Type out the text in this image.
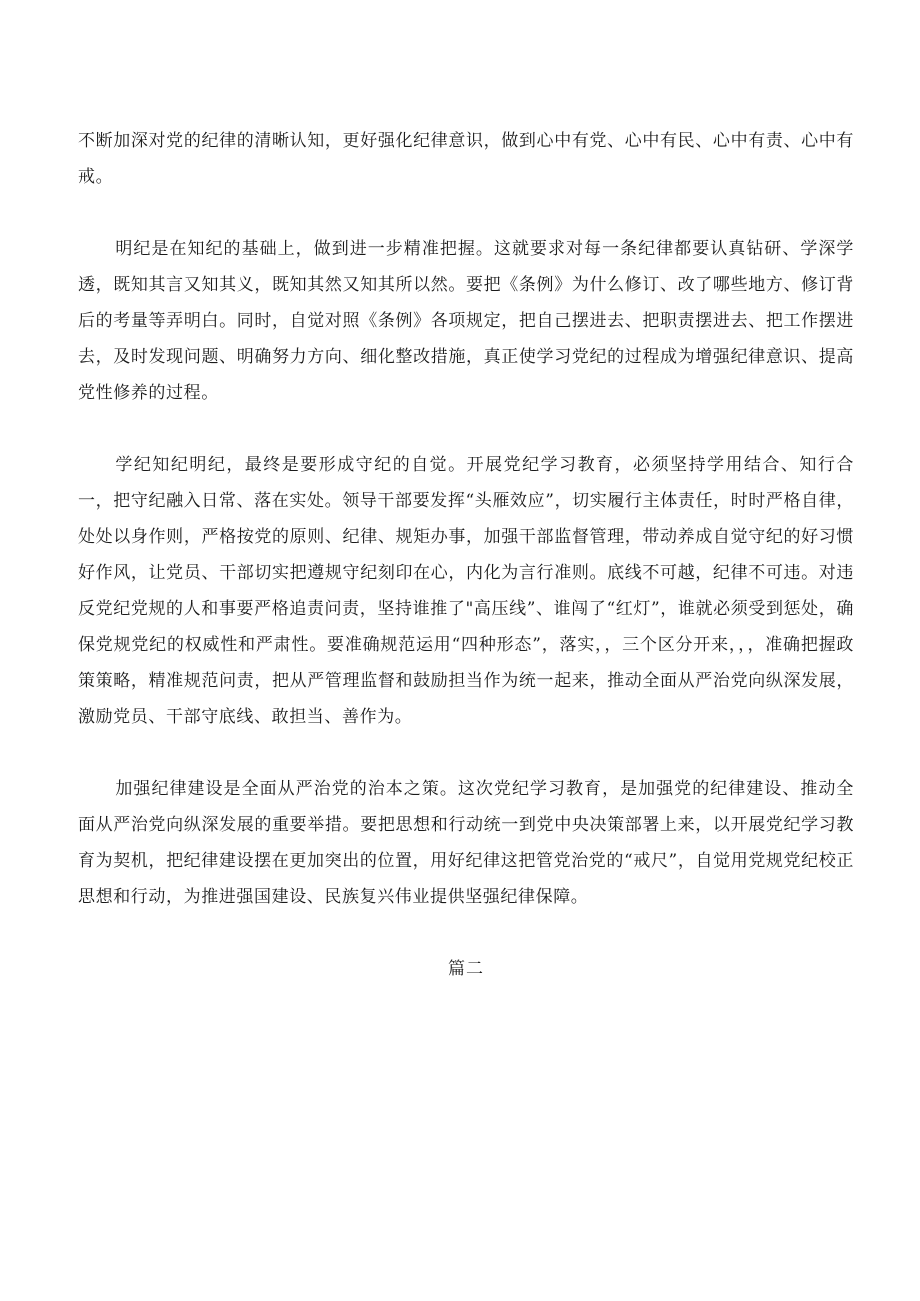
不断加深对党的纪律的清晰认知，更好强化纪律意识，做到心中有党、心中有民、心中有责、心中有戒。

明纪是在知纪的基础上，做到进一步精准把握。这就要求对每一条纪律都要认真钻研、学深学透，既知其言又知其义，既知其然又知其所以然。要把《条例》为什么修订、改了哪些地方、修订背后的考量等弄明白。同时，自觉对照《条例》各项规定，把自己摆进去、把职责摆进去、把工作摆进去，及时发现问题、明确努力方向、细化整改措施，真正使学习党纪的过程成为增强纪律意识、提高党性修养的过程。

学纪知纪明纪，最终是要形成守纪的自觉。开展党纪学习教育，必须坚持学用结合、知行合一，把守纪融入日常、落在实处。领导干部要发挥“头雁效应”，切实履行主体责任，时时严格自律，处处以身作则，严格按党的原则、纪律、规矩办事，加强干部监督管理，带动养成自觉守纪的好习惯好作风，让党员、干部切实把遵规守纪刻印在心，内化为言行准则。底线不可越，纪律不可违。对违反党纪党规的人和事要严格追责问责，坚持谁推了"高压线”、谁闯了“红灯”，谁就必须受到惩处，确保党规党纪的权威性和严肃性。要准确规范运用“四种形态”，落实，，三个区分开来，，，准确把握政策策略，精准规范问责，把从严管理监督和鼓励担当作为统一起来，推动全面从严治党向纵深发展，激励党员、干部守底线、敢担当、善作为。

加强纪律建设是全面从严治党的治本之策。这次党纪学习教育，是加强党的纪律建设、推动全面从严治党向纵深发展的重要举措。要把思想和行动统一到党中央决策部署上来，以开展党纪学习教育为契机，把纪律建设摆在更加突出的位置，用好纪律这把管党治党的“戒尺”，自觉用党规党纪校正思想和行动，为推进强国建设、民族复兴伟业提供坚强纪律保障。

篇二
